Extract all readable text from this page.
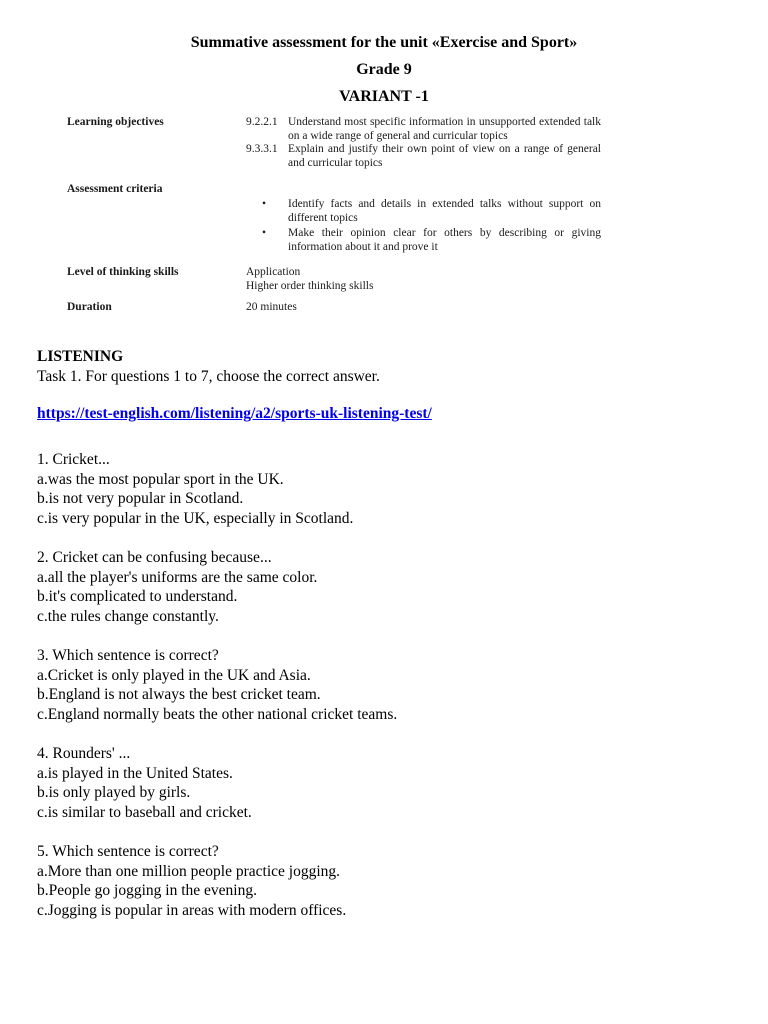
Summative assessment for the unit «Exercise and Sport»
Grade 9
VARIANT -1
Learning objectives	9.2.2.1 Understand most specific information in unsupported extended talk on a wide range of general and curricular topics
9.3.3.1 Explain and justify their own point of view on a range of general and curricular topics
Assessment criteria
• Identify facts and details in extended talks without support on different topics
• Make their opinion clear for others by describing or giving information about it and prove it
Level of thinking skills	Application
Higher order thinking skills
Duration	20 minutes
LISTENING
Task 1. For questions 1 to 7, choose the correct answer.
https://test-english.com/listening/a2/sports-uk-listening-test/
1. Cricket...
a.was the most popular sport in the UK.
b.is not very popular in Scotland.
c.is very popular in the UK, especially in Scotland.
2. Cricket can be confusing because...
a.all the player's uniforms are the same color.
b.it's complicated to understand.
c.the rules change constantly.
3. Which sentence is correct?
a.Cricket is only played in the UK and Asia.
b.England is not always the best cricket team.
c.England normally beats the other national cricket teams.
4. Rounders' ...
a.is played in the United States.
b.is only played by girls.
c.is similar to baseball and cricket.
5. Which sentence is correct?
a.More than one million people practice jogging.
b.People go jogging in the evening.
c.Jogging is popular in areas with modern offices.
